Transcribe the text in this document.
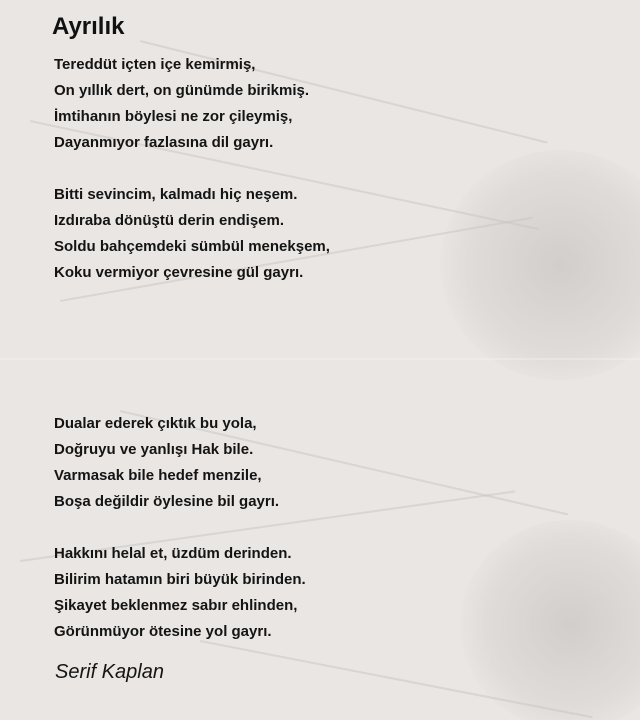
Ayrılık
Tereddüt içten içe kemirmiş,
On yıllık dert, on günümde birikmiş.
İmtihanın böylesi ne zor çileymiş,
Dayanmıyor fazlasına dil gayrı.
Bitti sevincim, kalmadı hiç neşem.
Izdıraba dönüştü derin endişem.
Soldu bahçemdeki sümbül menekşem,
Koku vermiyor çevresine gül gayrı.
Dualar ederek çıktık bu yola,
Doğruyu ve yanlışı Hak bile.
Varmasak bile hedef menzile,
Boşa değildir öylesine bil gayrı.
Hakkını helal et, üzdüm derinden.
Bilirim hatamın biri büyük birinden.
Şikayet beklenmez sabır ehlinden,
Görünmüyor ötesine yol gayrı.
Serif Kaplan
